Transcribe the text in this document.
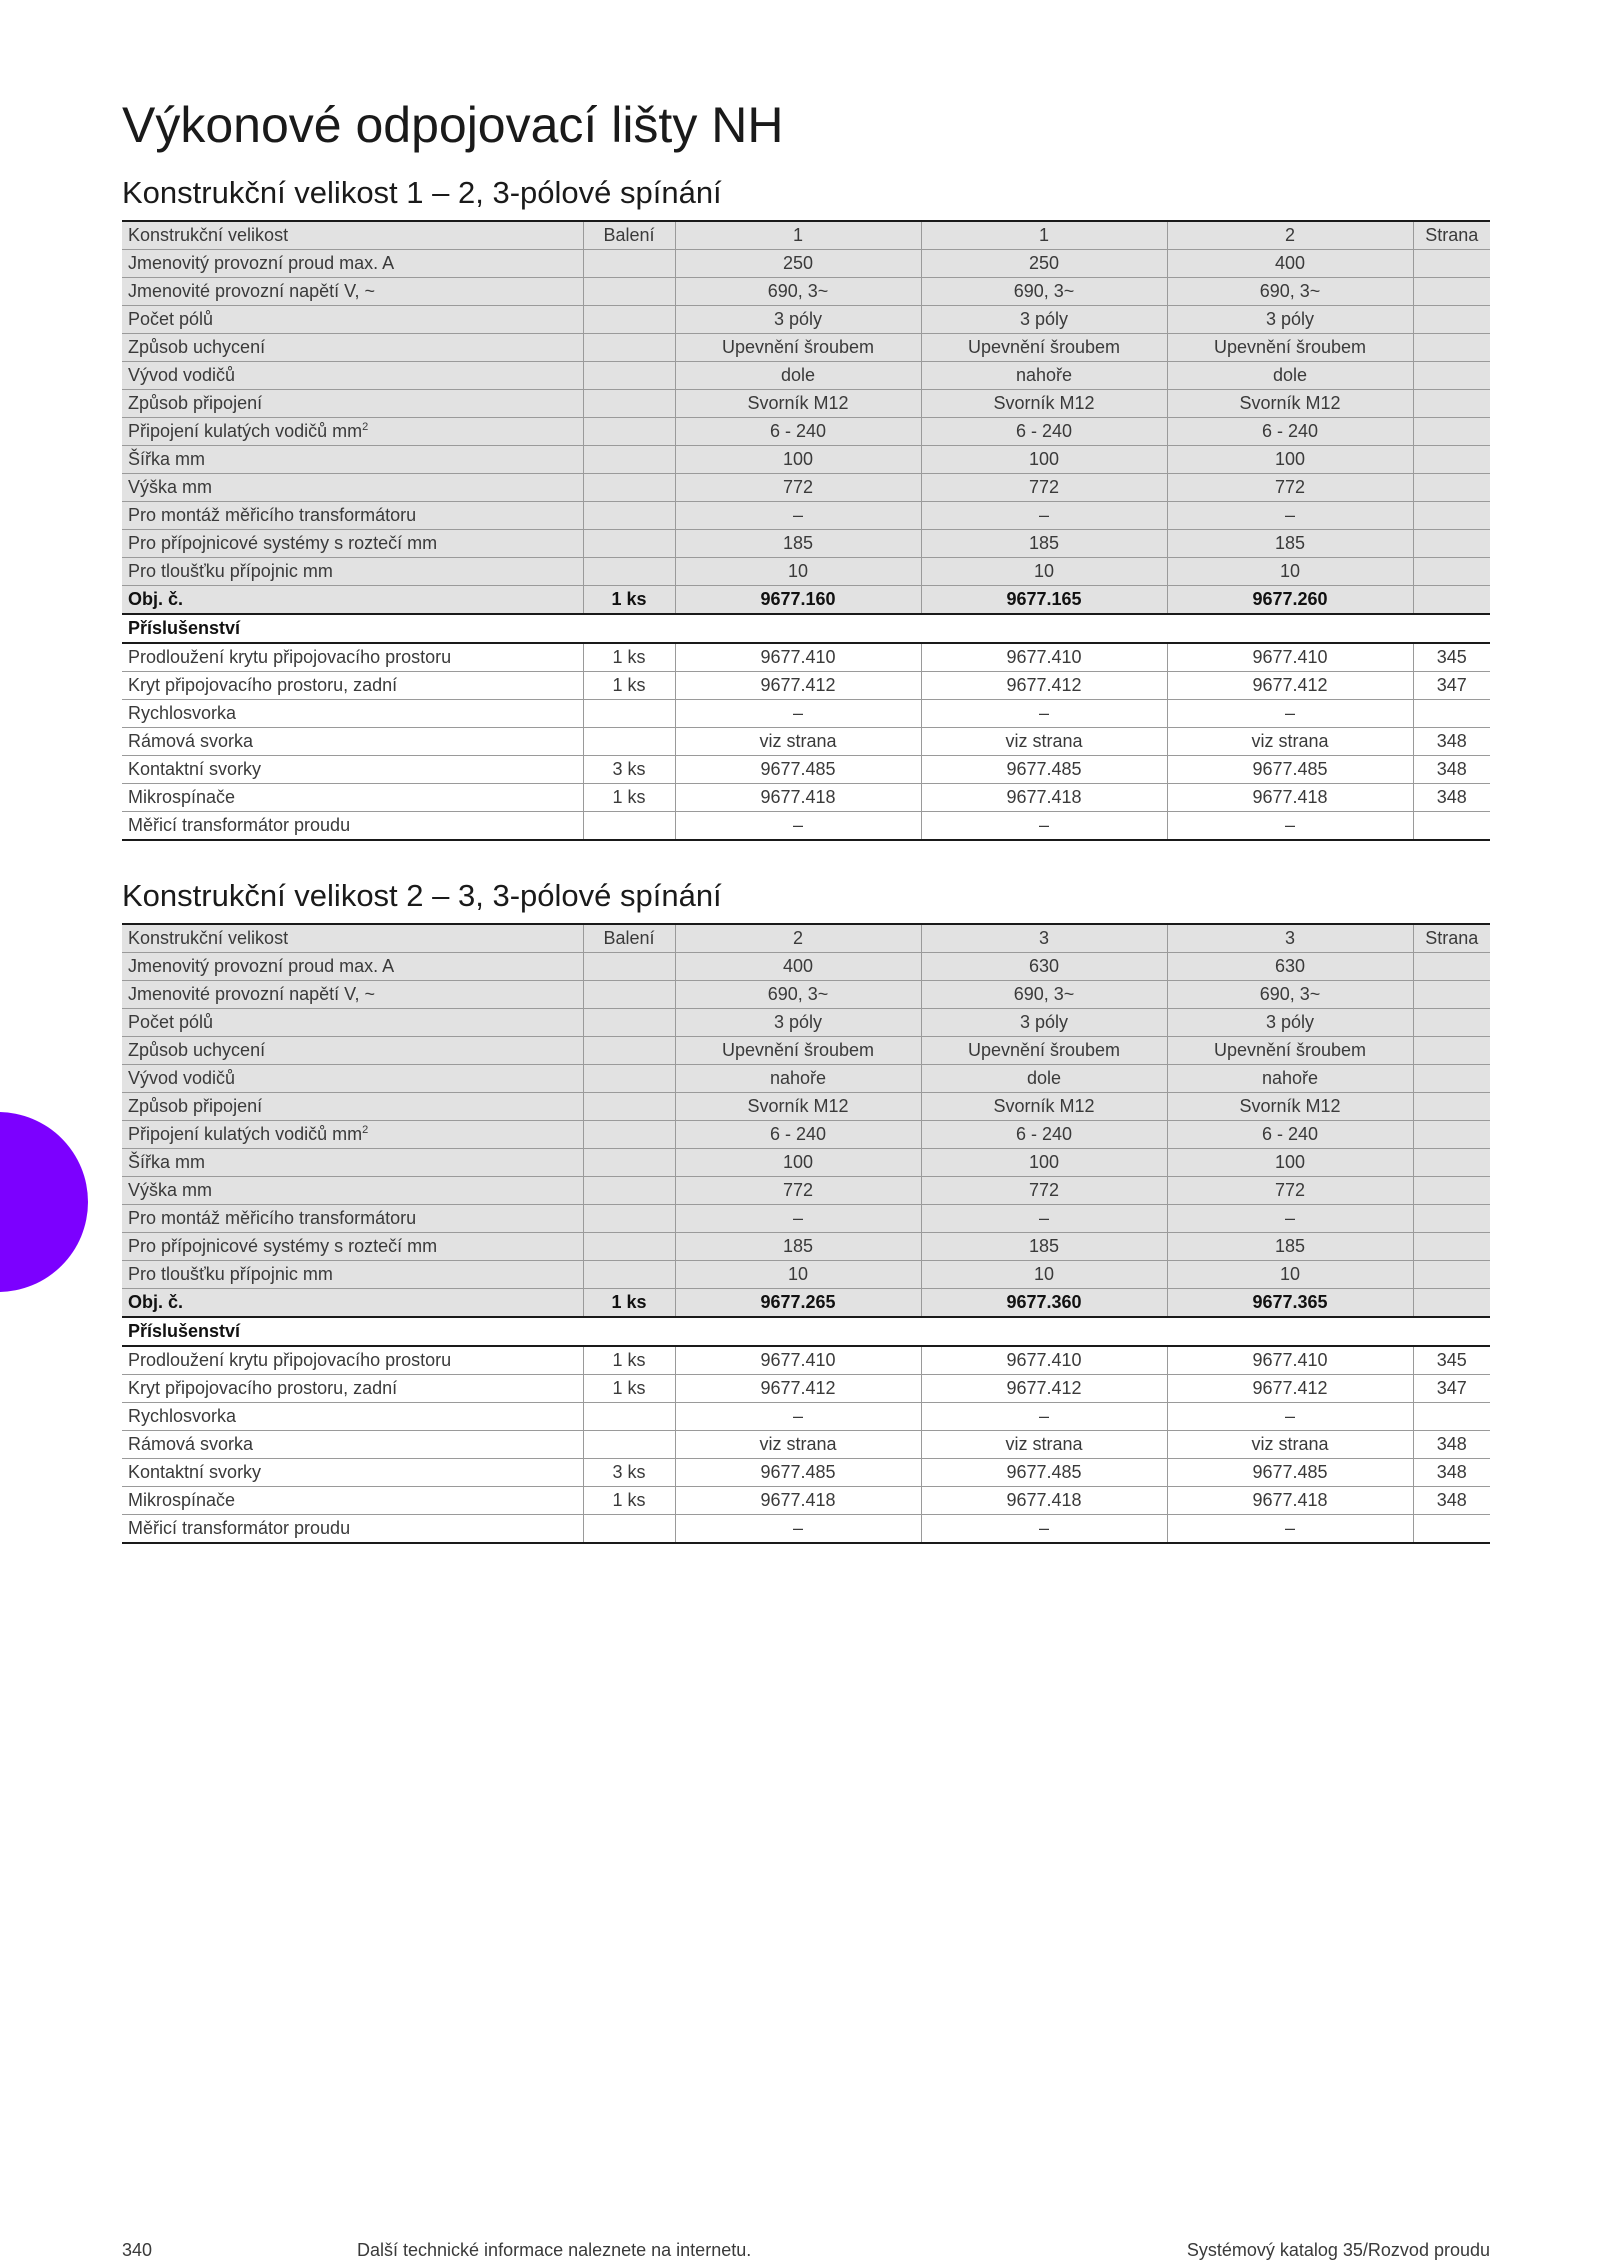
Výkonové odpojovací lišty NH
Konstrukční velikost 1 – 2, 3-pólové spínání
Konstrukční velikost	Balení	1	1	2	Strana
Jmenovitý provozní proud max. A		250	250	400	
Jmenovité provozní napětí V, ~		690, 3~	690, 3~	690, 3~	
Počet pólů		3 póly	3 póly	3 póly	
Způsob uchycení		Upevnění šroubem	Upevnění šroubem	Upevnění šroubem	
Vývod vodičů		dole	nahoře	dole	
Způsob připojení		Svorník M12	Svorník M12	Svorník M12	
Připojení kulatých vodičů $mm^2$		6 - 240	6 - 240	6 - 240	
Šířka mm		100	100	100	
Výška mm		772	772	772	
Pro montáž měřicího transformátoru		–	–	–	
Pro přípojnicové systémy s roztečí mm		185	185	185	
Pro tloušťku přípojnic mm		10	10	10	
Obj. č.	1 ks	9677.160	9677.165	9677.260	
Příslušenství					
Prodloužení krytu připojovacího prostoru	1 ks	9677.410	9677.410	9677.410	345
Kryt připojovacího prostoru, zadní	1 ks	9677.412	9677.412	9677.412	347
Rychlosvorka		–	–	–	
Rámová svorka		viz strana	viz strana	viz strana	348
Kontaktní svorky	3 ks	9677.485	9677.485	9677.485	348
Mikrospínače	1 ks	9677.418	9677.418	9677.418	348
Měřicí transformátor proudu		–	–	–	
Konstrukční velikost 2 – 3, 3-pólové spínání
Konstrukční velikost	Balení	2	3	3	Strana
Jmenovitý provozní proud max. A		400	630	630	
Jmenovité provozní napětí V, ~		690, 3~	690, 3~	690, 3~	
Počet pólů		3 póly	3 póly	3 póly	
Způsob uchycení		Upevnění šroubem	Upevnění šroubem	Upevnění šroubem	
Vývod vodičů		nahoře	dole	nahoře	
Způsob připojení		Svorník M12	Svorník M12	Svorník M12	
Připojení kulatých vodičů $mm^2$		6 - 240	6 - 240	6 - 240	
Šířka mm		100	100	100	
Výška mm		772	772	772	
Pro montáž měřicího transformátoru		–	–	–	
Pro přípojnicové systémy s roztečí mm		185	185	185	
Pro tloušťku přípojnic mm		10	10	10	
Obj. č.	1 ks	9677.265	9677.360	9677.365	
Příslušenství					
Prodloužení krytu připojovacího prostoru	1 ks	9677.410	9677.410	9677.410	345
Kryt připojovacího prostoru, zadní	1 ks	9677.412	9677.412	9677.412	347
Rychlosvorka		–	–	–	
Rámová svorka		viz strana	viz strana	viz strana	348
Kontaktní svorky	3 ks	9677.485	9677.485	9677.485	348
Mikrospínače	1 ks	9677.418	9677.418	9677.418	348
Měřicí transformátor proudu		–	–	–	
340	Další technické informace naleznete na internetu.	Systémový katalog 35/Rozvod proudu
